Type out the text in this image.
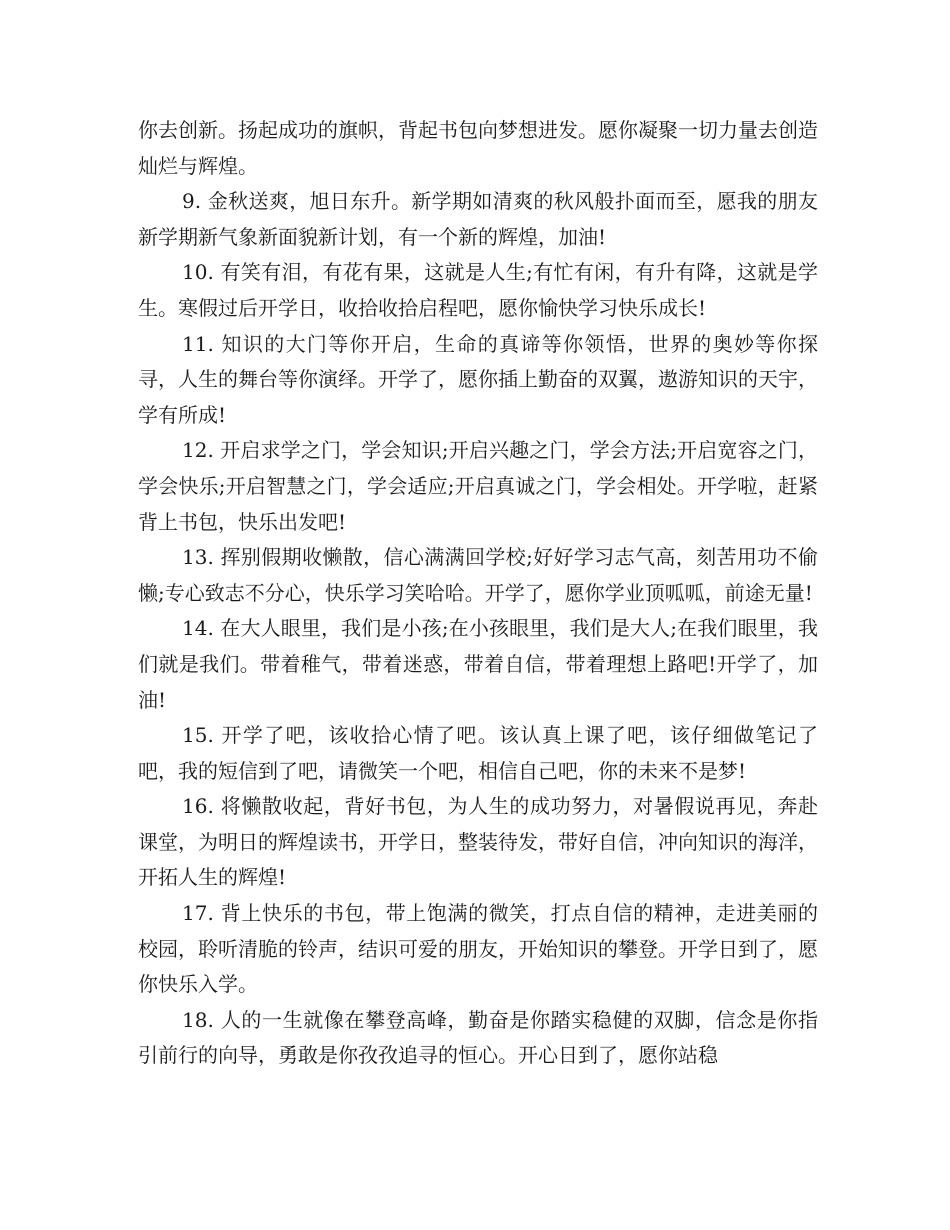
你去创新。扬起成功的旗帜，背起书包向梦想进发。愿你凝聚一切力量去创造灿烂与辉煌。

9. 金秋送爽，旭日东升。新学期如清爽的秋风般扑面而至，愿我的朋友新学期新气象新面貌新计划，有一个新的辉煌，加油!

10. 有笑有泪，有花有果，这就是人生;有忙有闲，有升有降，这就是学生。寒假过后开学日，收拾收拾启程吧，愿你愉快学习快乐成长!

11. 知识的大门等你开启，生命的真谛等你领悟，世界的奥妙等你探寻，人生的舞台等你演绎。开学了，愿你插上勤奋的双翼，遨游知识的天宇，学有所成!

12. 开启求学之门，学会知识;开启兴趣之门，学会方法;开启宽容之门，学会快乐;开启智慧之门，学会适应;开启真诚之门，学会相处。开学啦，赶紧背上书包，快乐出发吧!

13. 挥别假期收懒散，信心满满回学校;好好学习志气高，刻苦用功不偷懒;专心致志不分心，快乐学习笑哈哈。开学了，愿你学业顶呱呱，前途无量!

14. 在大人眼里，我们是小孩;在小孩眼里，我们是大人;在我们眼里，我们就是我们。带着稚气，带着迷惑，带着自信，带着理想上路吧!开学了，加油!

15. 开学了吧，该收拾心情了吧。该认真上课了吧，该仔细做笔记了吧，我的短信到了吧，请微笑一个吧，相信自己吧，你的未来不是梦!

16. 将懒散收起，背好书包，为人生的成功努力，对暑假说再见，奔赴课堂，为明日的辉煌读书，开学日，整装待发，带好自信，冲向知识的海洋，开拓人生的辉煌!

17. 背上快乐的书包，带上饱满的微笑，打点自信的精神，走进美丽的校园，聆听清脆的铃声，结识可爱的朋友，开始知识的攀登。开学日到了，愿你快乐入学。

18. 人的一生就像在攀登高峰，勤奋是你踏实稳健的双脚，信念是你指引前行的向导，勇敢是你孜孜追寻的恒心。开心日到了，愿你站稳
